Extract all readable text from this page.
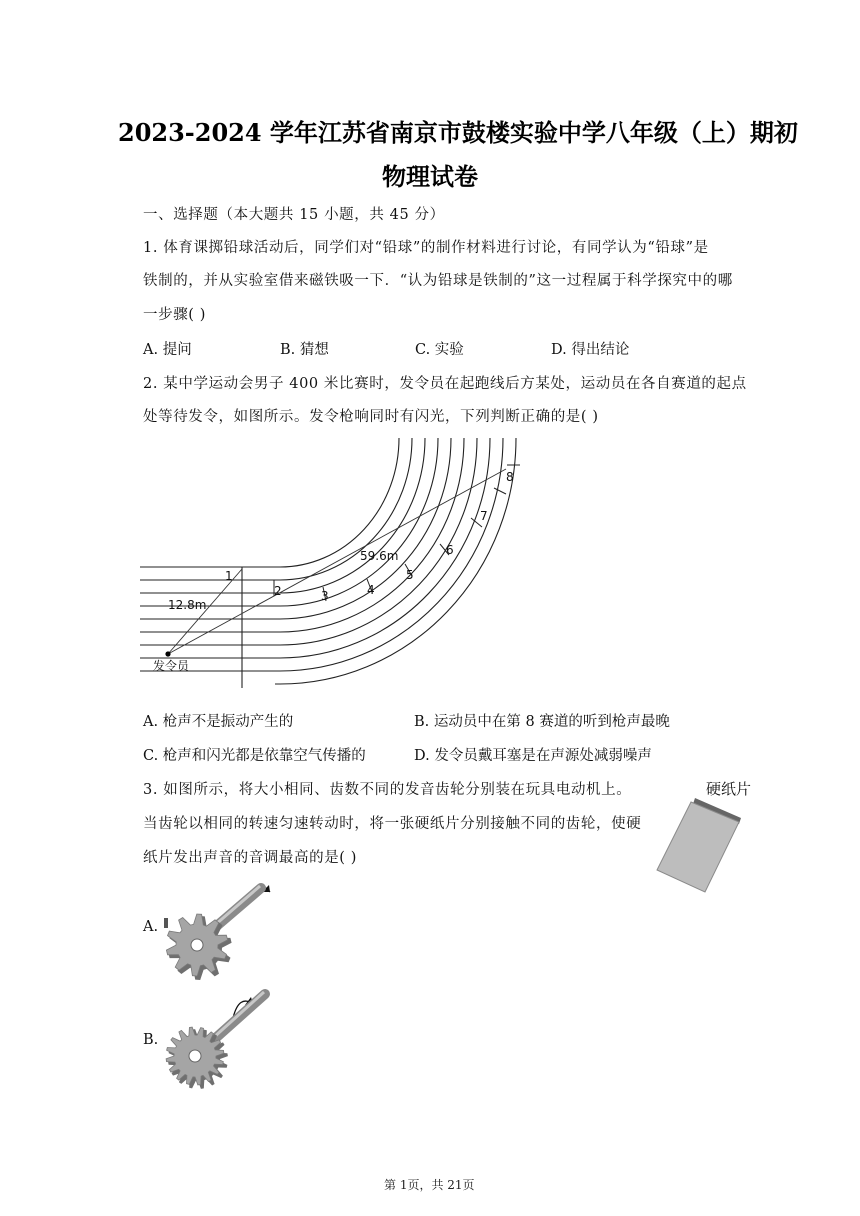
2023-2024 学年江苏省南京市鼓楼实验中学八年级（上）期初
物理试卷
一、选择题（本大题共 15 小题，共 45 分）
1. 体育课掷铅球活动后，同学们对“铅球”的制作材料进行讨论，有同学认为“铅球”是
铁制的，并从实验室借来磁铁吸一下．“认为铅球是铁制的”这一过程属于科学探究中的哪
一步骤( )
A. 提问	B. 猜想	C. 实验	D. 得出结论
2. 某中学运动会男子 400 米比赛时，发令员在起跑线后方某处，运动员在各自赛道的起点
处等待发令，如图所示。发令枪响同时有闪光，下列判断正确的是( )
1
2	3	4
5
6
7
8
12.8m
59.6m
发令员
A. 枪声不是振动产生的	B. 运动员中在第 8 赛道的听到枪声最晚
C. 枪声和闪光都是依靠空气传播的	D. 发令员戴耳塞是在声源处减弱噪声
3. 如图所示，将大小相同、齿数不同的发音齿轮分别装在玩具电动机上。
当齿轮以相同的转速匀速转动时，将一张硬纸片分别接触不同的齿轮，使硬
纸片发出声音的音调最高的是( )
硬纸片
A.
B.
第 1页，共 21页
